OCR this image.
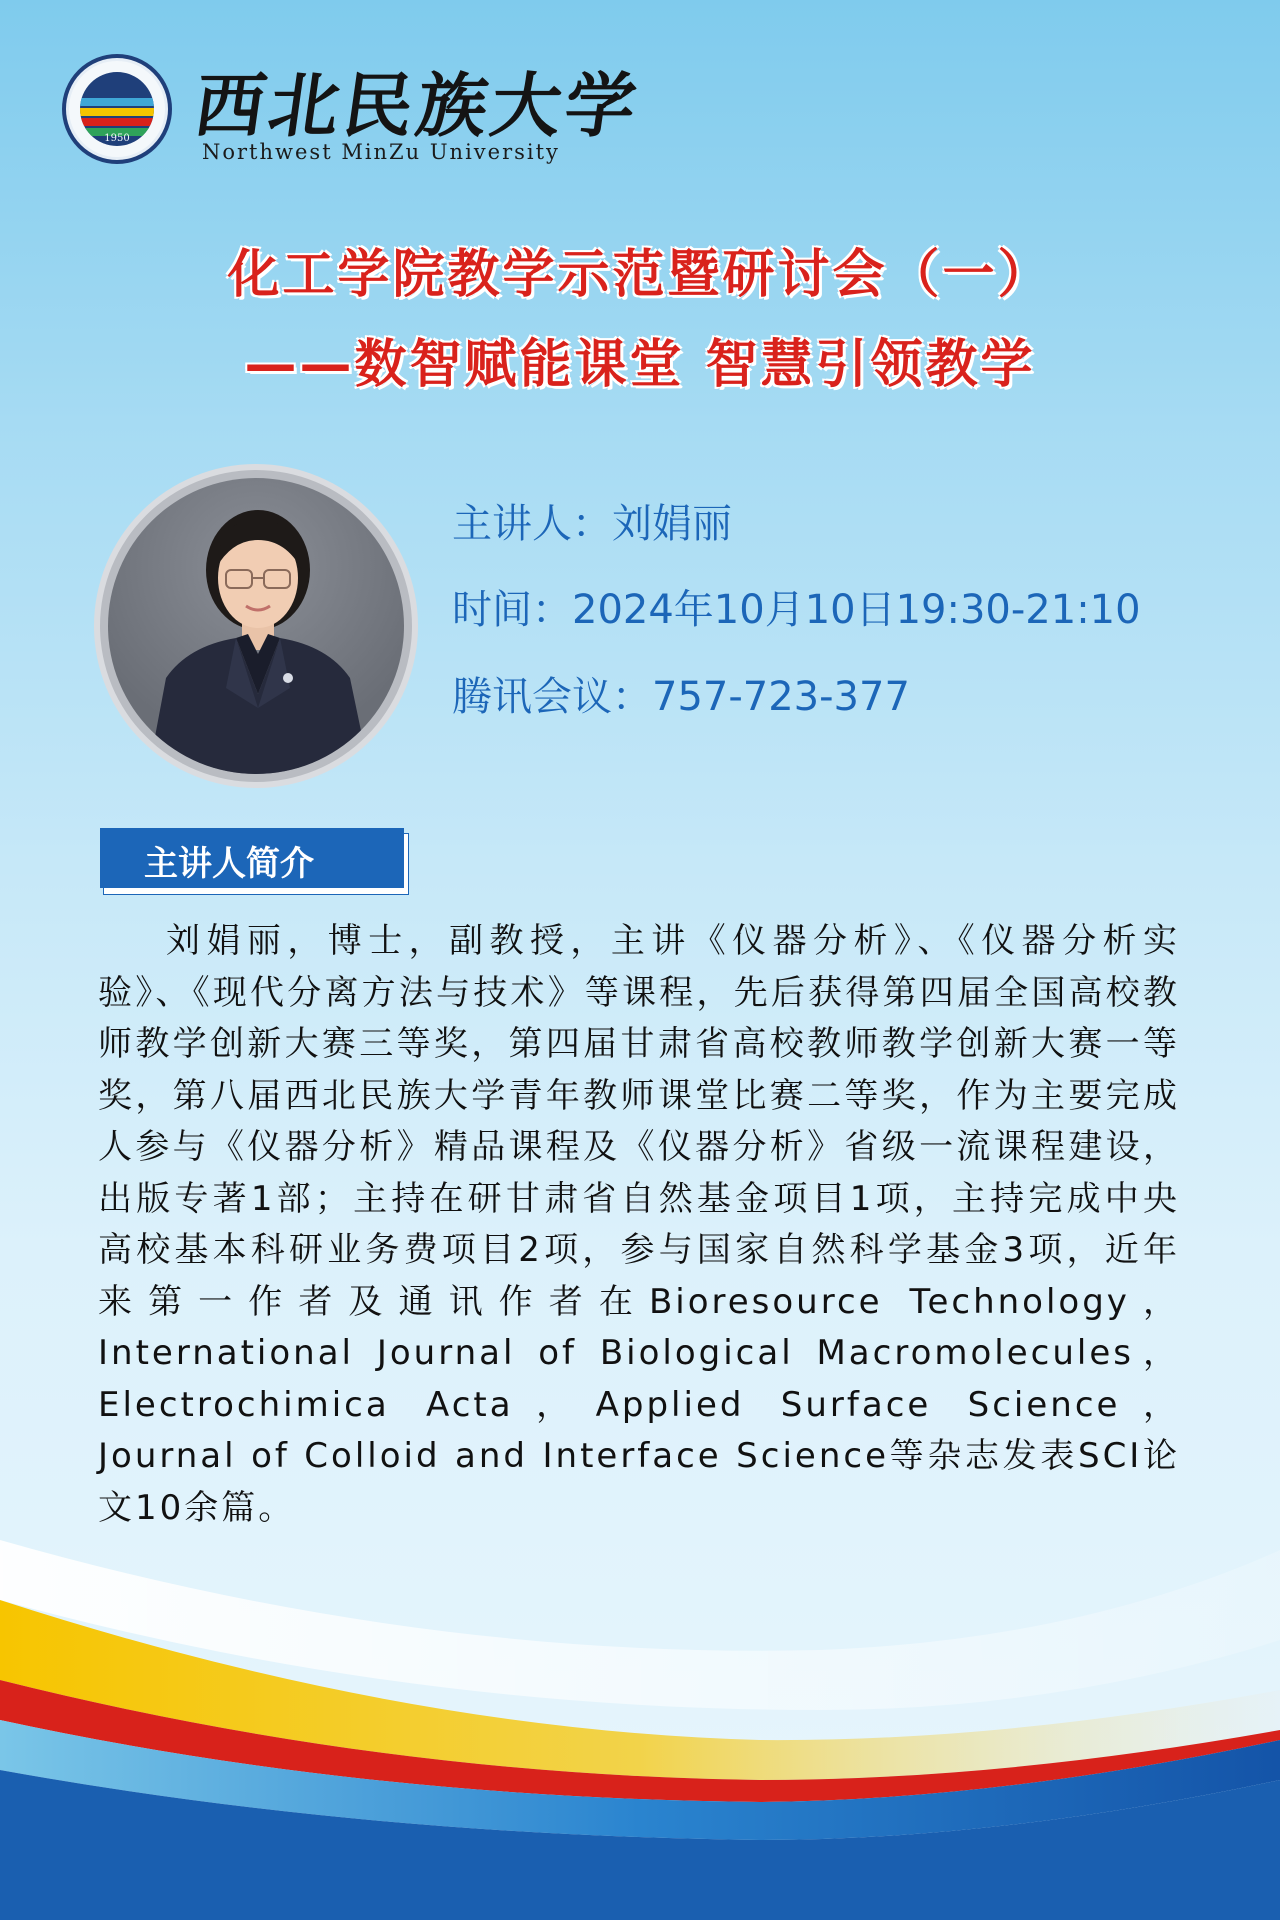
1950 西北民族大学
Northwest MinZu University
化工学院教学示范暨研讨会（一）
——数智赋能课堂 智慧引领教学
主讲人：刘娟丽
时间：2024年10月10日19:30-21:10
腾讯会议：757-723-377
主讲人简介
刘娟丽，博士，副教授，主讲《仪器分析》、《仪器分析实验》、《现代分离方法与技术》等课程，先后获得第四届全国高校教师教学创新大赛三等奖，第四届甘肃省高校教师教学创新大赛一等奖，第八届西北民族大学青年教师课堂比赛二等奖，作为主要完成人参与《仪器分析》精品课程及《仪器分析》省级一流课程建设，出版专著1部；主持在研甘肃省自然基金项目1项，主持完成中央高校基本科研业务费项目2项，参与国家自然科学基金3项，近年来第一作者及通讯作者在Bioresource Technology，International Journal of Biological Macromolecules，Electrochimica Acta，Applied Surface Science，Journal of Colloid and Interface Science等杂志发表SCI论文10余篇。
